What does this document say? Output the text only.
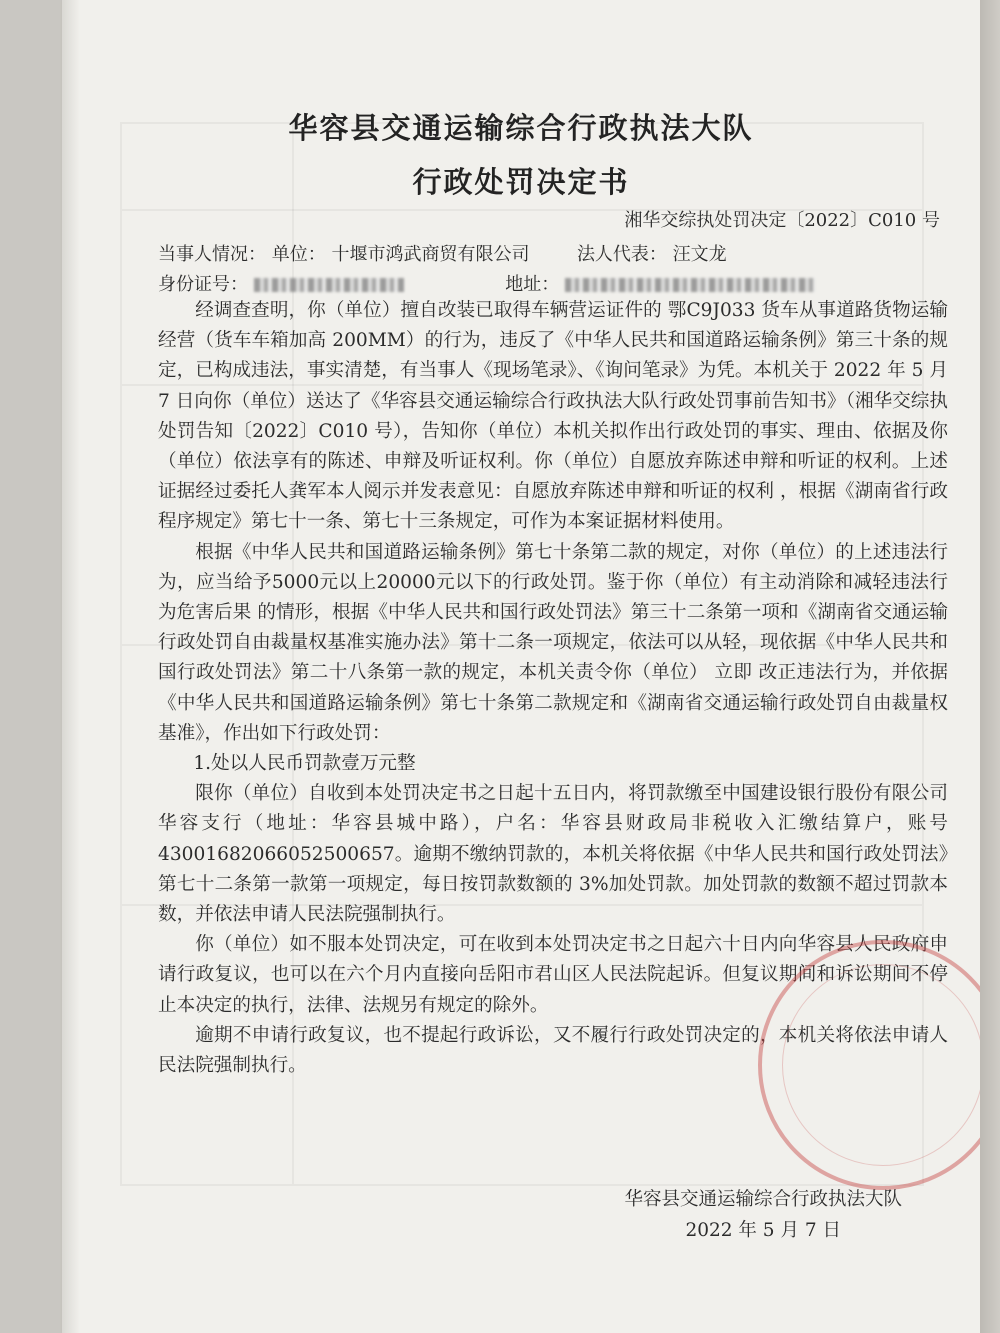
华容县交通运输综合行政执法大队
行政处罚决定书
湘华交综执处罚决定〔2022〕C010 号
当事人情况： 单位： 十堰市鸿武商贸有限公司	法人代表： 汪文龙
身份证号：	地址：

经调查查明，你（单位）擅自改装已取得车辆营运证件的 鄂C9J033 货车从事道路货物运输经营（货车车箱加高 200MM）的行为，违反了《中华人民共和国道路运输条例》第三十条的规定，已构成违法，事实清楚，有当事人《现场笔录》、《询问笔录》为凭。本机关于 2022 年 5 月 7 日向你（单位）送达了《华容县交通运输综合行政执法大队行政处罚事前告知书》（湘华交综执处罚告知〔2022〕C010 号），告知你（单位）本机关拟作出行政处罚的事实、理由、依据及你（单位）依法享有的陈述、申辩及听证权利。你（单位）自愿放弃陈述申辩和听证的权利。上述证据经过委托人龚军本人阅示并发表意见：自愿放弃陈述申辩和听证的权利 ，根据《湖南省行政程序规定》第七十一条、第七十三条规定，可作为本案证据材料使用。

根据《中华人民共和国道路运输条例》第七十条第二款的规定，对你（单位）的上述违法行为，应当给予5000元以上20000元以下的行政处罚。鉴于你（单位）有主动消除和减轻违法行为危害后果 的情形，根据《中华人民共和国行政处罚法》第三十二条第一项和《湖南省交通运输行政处罚自由裁量权基准实施办法》第十二条一项规定，依法可以从轻，现依据《中华人民共和国行政处罚法》第二十八条第一款的规定，本机关责令你（单位） 立即 改正违法行为，并依据《中华人民共和国道路运输条例》第七十条第二款规定和《湖南省交通运输行政处罚自由裁量权基准》，作出如下行政处罚：

1.处以人民币罚款壹万元整

限你（单位）自收到本处罚决定书之日起十五日内，将罚款缴至中国建设银行股份有限公司华容支行（地址：华容县城中路），户名：华容县财政局非税收入汇缴结算户，账号43001682066052500657。逾期不缴纳罚款的，本机关将依据《中华人民共和国行政处罚法》第七十二条第一款第一项规定，每日按罚款数额的 3%加处罚款。加处罚款的数额不超过罚款本数，并依法申请人民法院强制执行。

你（单位）如不服本处罚决定，可在收到本处罚决定书之日起六十日内向华容县人民政府申请行政复议，也可以在六个月内直接向岳阳市君山区人民法院起诉。但复议期间和诉讼期间不停止本决定的执行，法律、法规另有规定的除外。

逾期不申请行政复议，也不提起行政诉讼，又不履行行政处罚决定的，本机关将依法申请人民法院强制执行。

华容县交通运输综合行政执法大队
2022 年 5 月 7 日
